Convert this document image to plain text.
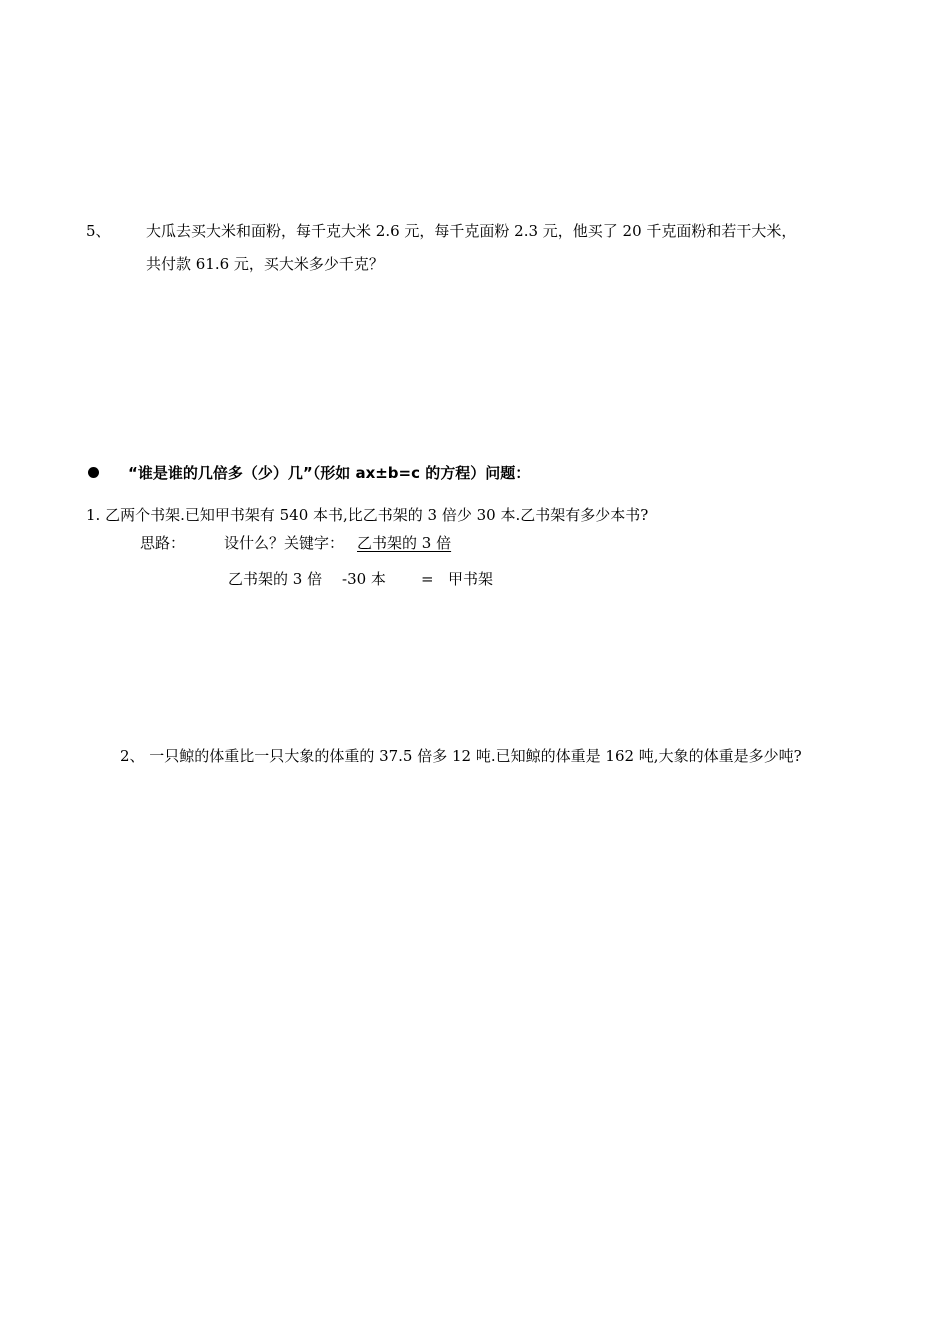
5、 大瓜去买大米和面粉，每千克大米 2.6 元，每千克面粉 2.3 元，他买了 20 千克面粉和若干大米，
共付款 61.6 元，买大米多少千克？
“谁是谁的几倍多（少）几”（形如 ax±b=c 的方程）问题：
1. 乙两个书架.已知甲书架有 540 本书,比乙书架的 3 倍少 30 本.乙书架有多少本书?
思路：	设什么？关键字： 乙书架的 3 倍
乙书架的 3 倍 -30 本 = 甲书架
2、 一只鲸的体重比一只大象的体重的 37.5 倍多 12 吨.已知鲸的体重是 162 吨,大象的体重是多少吨?
